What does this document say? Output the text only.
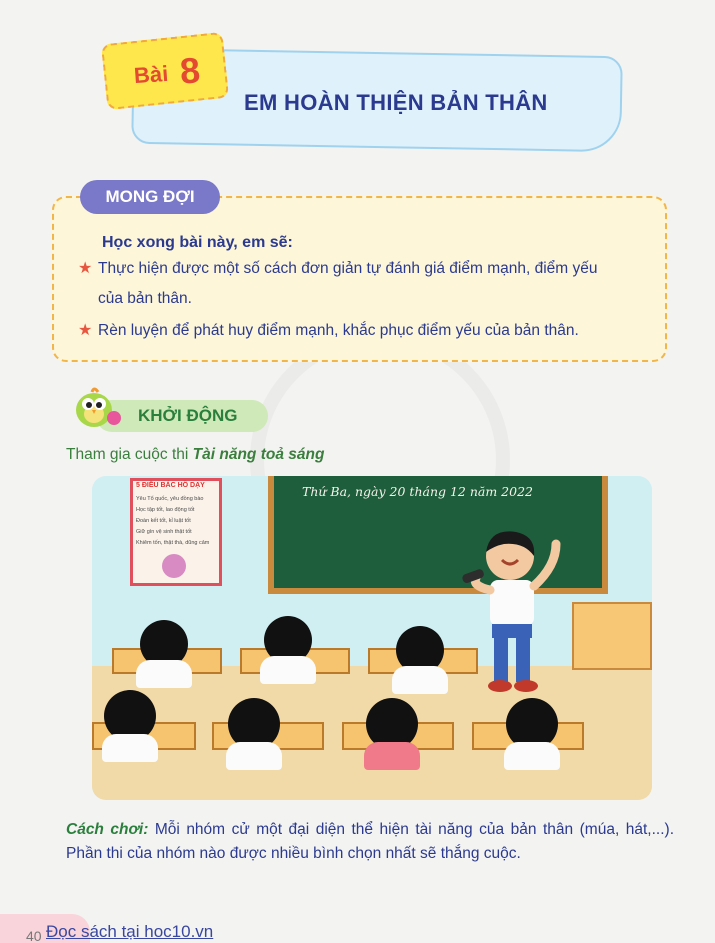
EM HOÀN THIỆN BẢN THÂN
Bài 8
MONG ĐỢI
Học xong bài này, em sẽ:
★ Thực hiện được một số cách đơn giản tự đánh giá điểm mạnh, điểm yếu
của bản thân.
★ Rèn luyện để phát huy điểm mạnh, khắc phục điểm yếu của bản thân.
KHỞI ĐỘNG
Tham gia cuộc thi Tài năng toả sáng
Thứ Ba, ngày 20 tháng 12 năm 2022
5 ĐIỀU BÁC HỒ DẠY
Yêu Tổ quốc, yêu đồng bào
Học tập tốt, lao động tốt
Đoàn kết tốt, kỉ luật tốt
Giữ gìn vệ sinh thật tốt
Khiêm tốn, thật thà, dũng cảm
Cách chơi: Mỗi nhóm cử một đại diện thể hiện tài năng của bản thân (múa, hát,...). Phần thi của nhóm nào được nhiều bình chọn nhất sẽ thắng cuộc.
40 Đọc sách tại hoc10.vn
